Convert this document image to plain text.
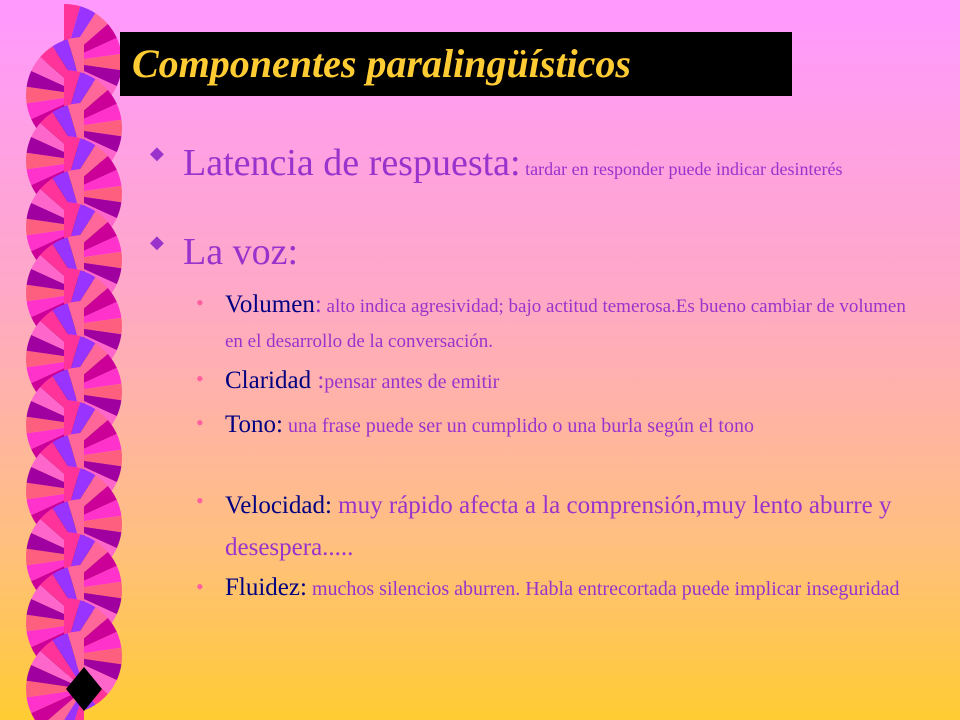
Componentes paralingüísticos
◆ Latencia de respuesta: tardar en responder puede indicar desinterés
◆ La voz:
• Volumen: alto indica agresividad; bajo actitud temerosa.Es bueno cambiar de volumen en el desarrollo de la conversación.
• Claridad :pensar antes de emitir
• Tono: una frase puede ser un cumplido o una burla según el tono
• Velocidad: muy rápido afecta a la comprensión,muy lento aburre y desespera.....
• Fluidez: muchos silencios aburren. Habla entrecortada puede implicar inseguridad
